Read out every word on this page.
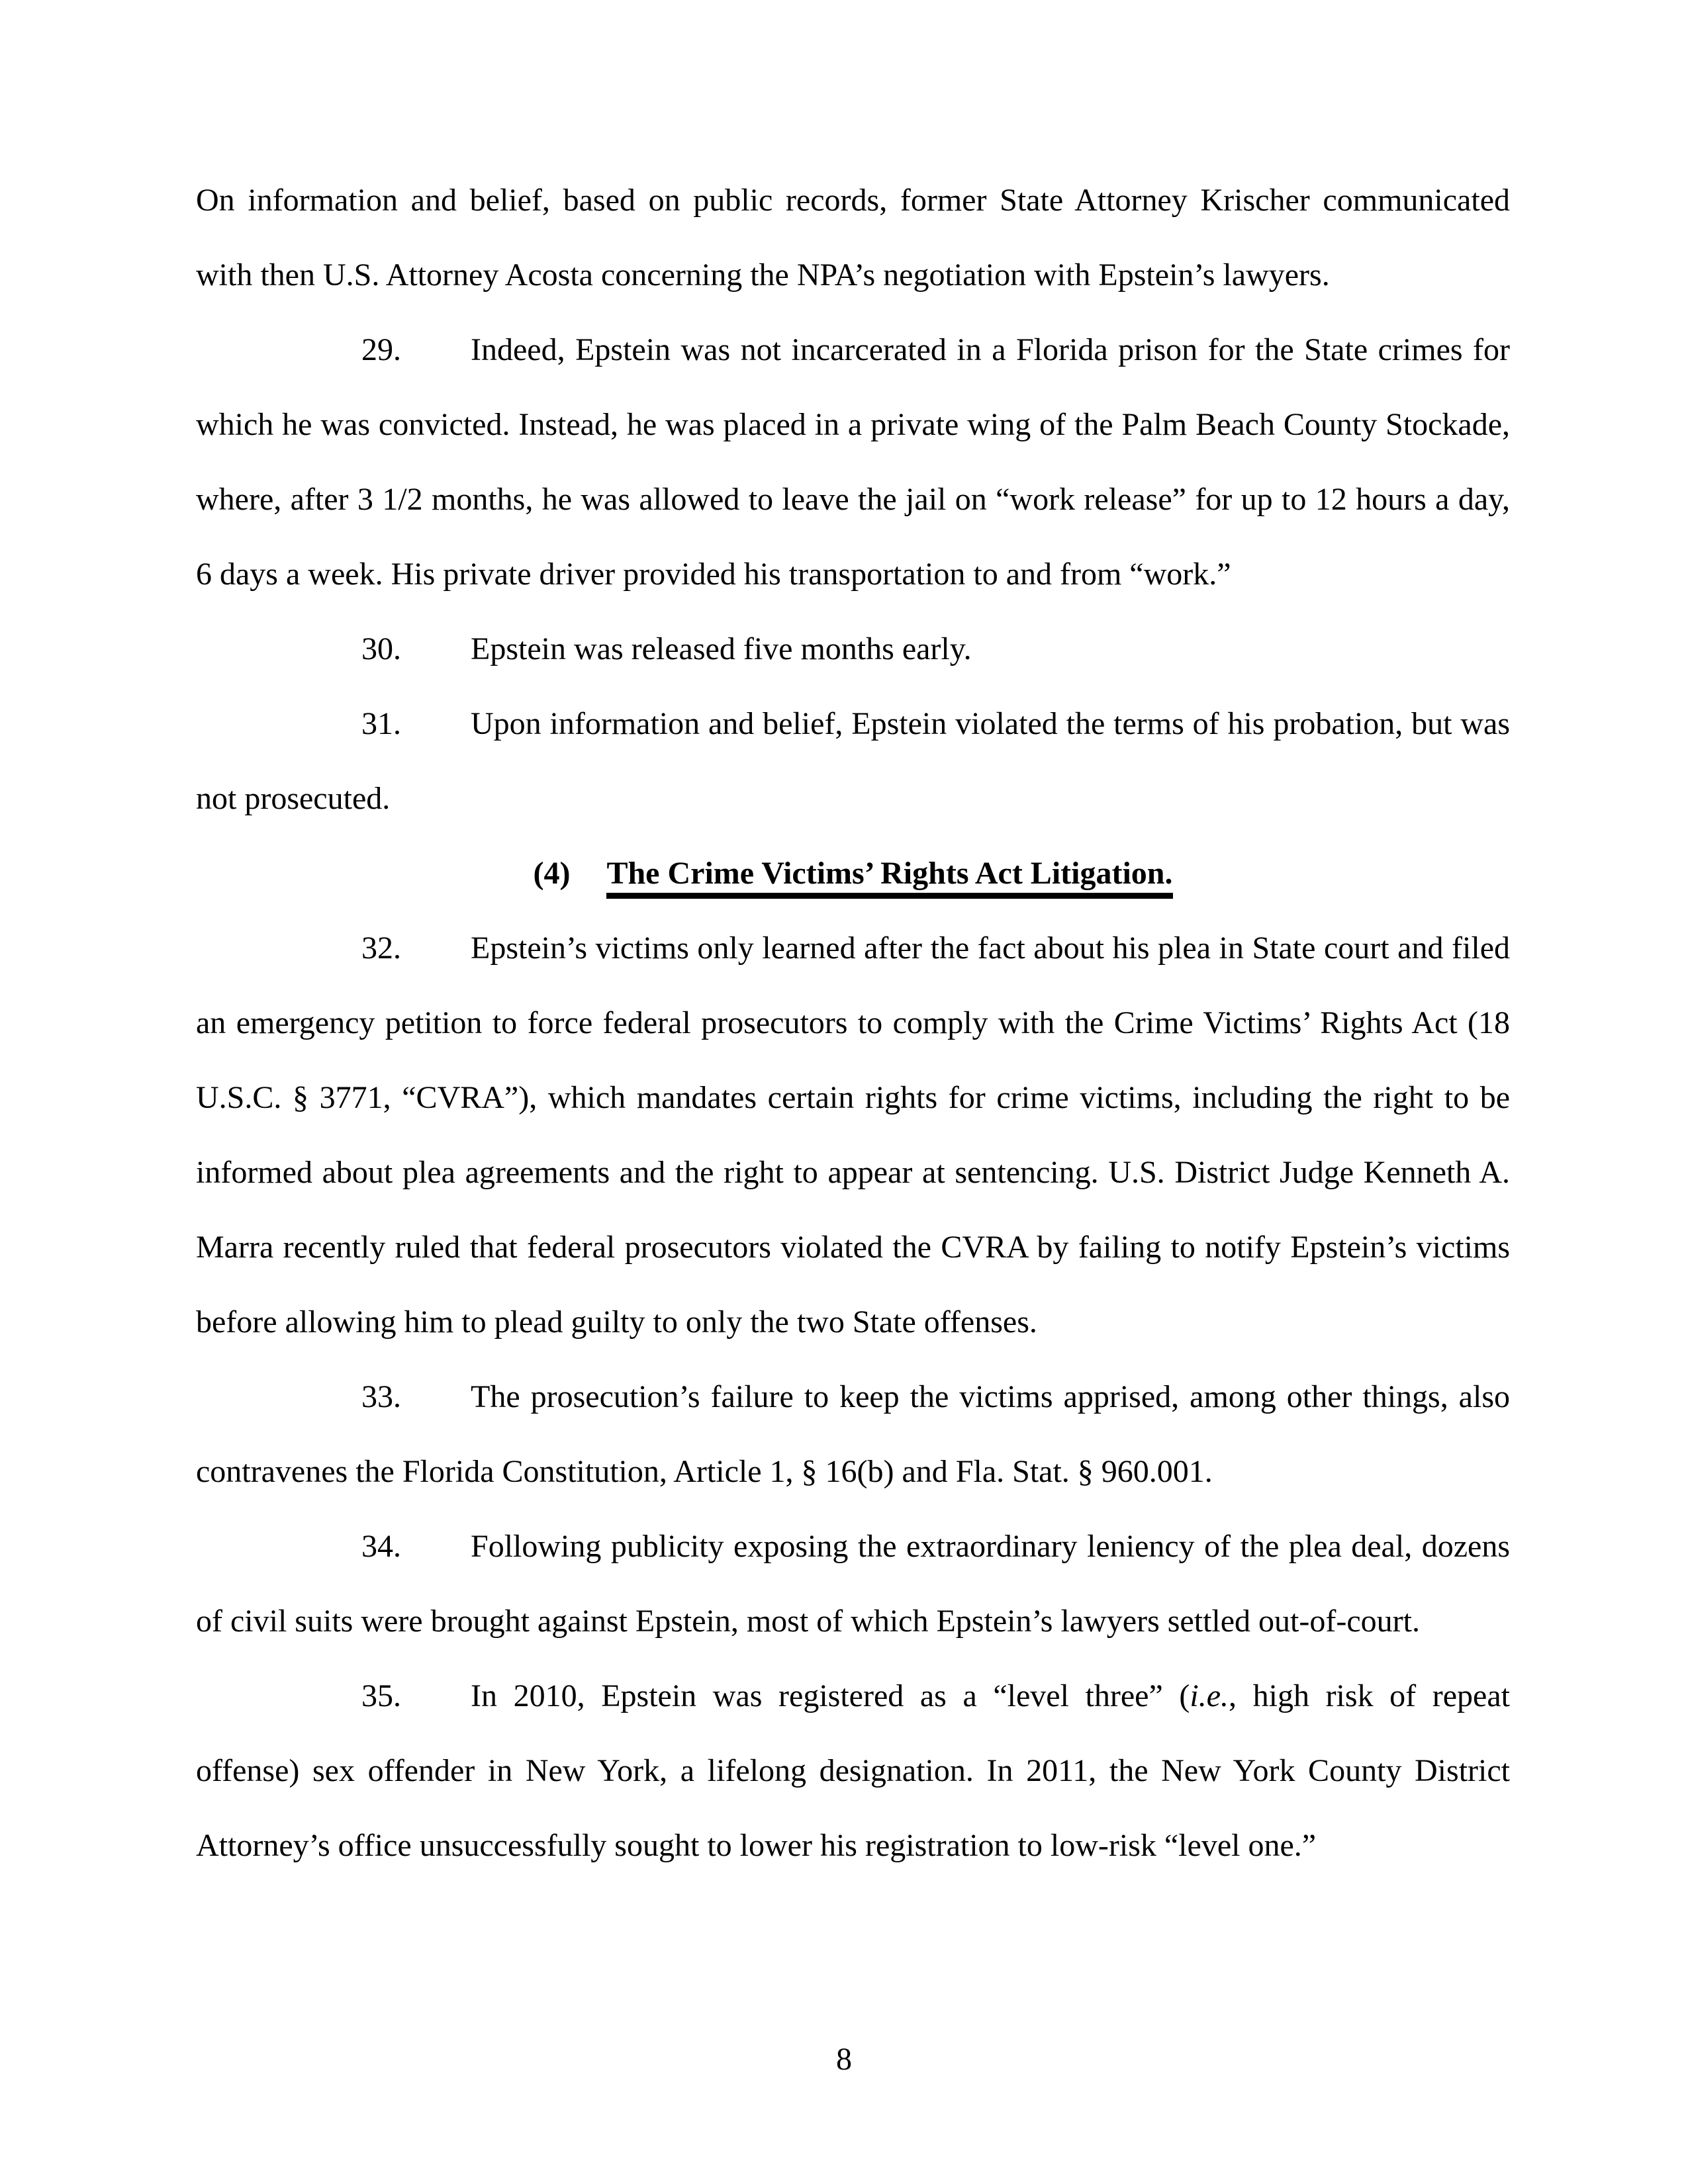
On information and belief, based on public records, former State Attorney Krischer communicated with then U.S. Attorney Acosta concerning the NPA’s negotiation with Epstein’s lawyers.

29. Indeed, Epstein was not incarcerated in a Florida prison for the State crimes for which he was convicted. Instead, he was placed in a private wing of the Palm Beach County Stockade, where, after 3 1/2 months, he was allowed to leave the jail on “work release” for up to 12 hours a day, 6 days a week. His private driver provided his transportation to and from “work.”

30. Epstein was released five months early.

31. Upon information and belief, Epstein violated the terms of his probation, but was not prosecuted.

(4) The Crime Victims’ Rights Act Litigation.

32. Epstein’s victims only learned after the fact about his plea in State court and filed an emergency petition to force federal prosecutors to comply with the Crime Victims’ Rights Act (18 U.S.C. § 3771, “CVRA”), which mandates certain rights for crime victims, including the right to be informed about plea agreements and the right to appear at sentencing. U.S. District Judge Kenneth A. Marra recently ruled that federal prosecutors violated the CVRA by failing to notify Epstein’s victims before allowing him to plead guilty to only the two State offenses.

33. The prosecution’s failure to keep the victims apprised, among other things, also contravenes the Florida Constitution, Article 1, § 16(b) and Fla. Stat. § 960.001.

34. Following publicity exposing the extraordinary leniency of the plea deal, dozens of civil suits were brought against Epstein, most of which Epstein’s lawyers settled out-of-court.

35. In 2010, Epstein was registered as a “level three” (i.e., high risk of repeat offense) sex offender in New York, a lifelong designation. In 2011, the New York County District Attorney’s office unsuccessfully sought to lower his registration to low-risk “level one.”

8
